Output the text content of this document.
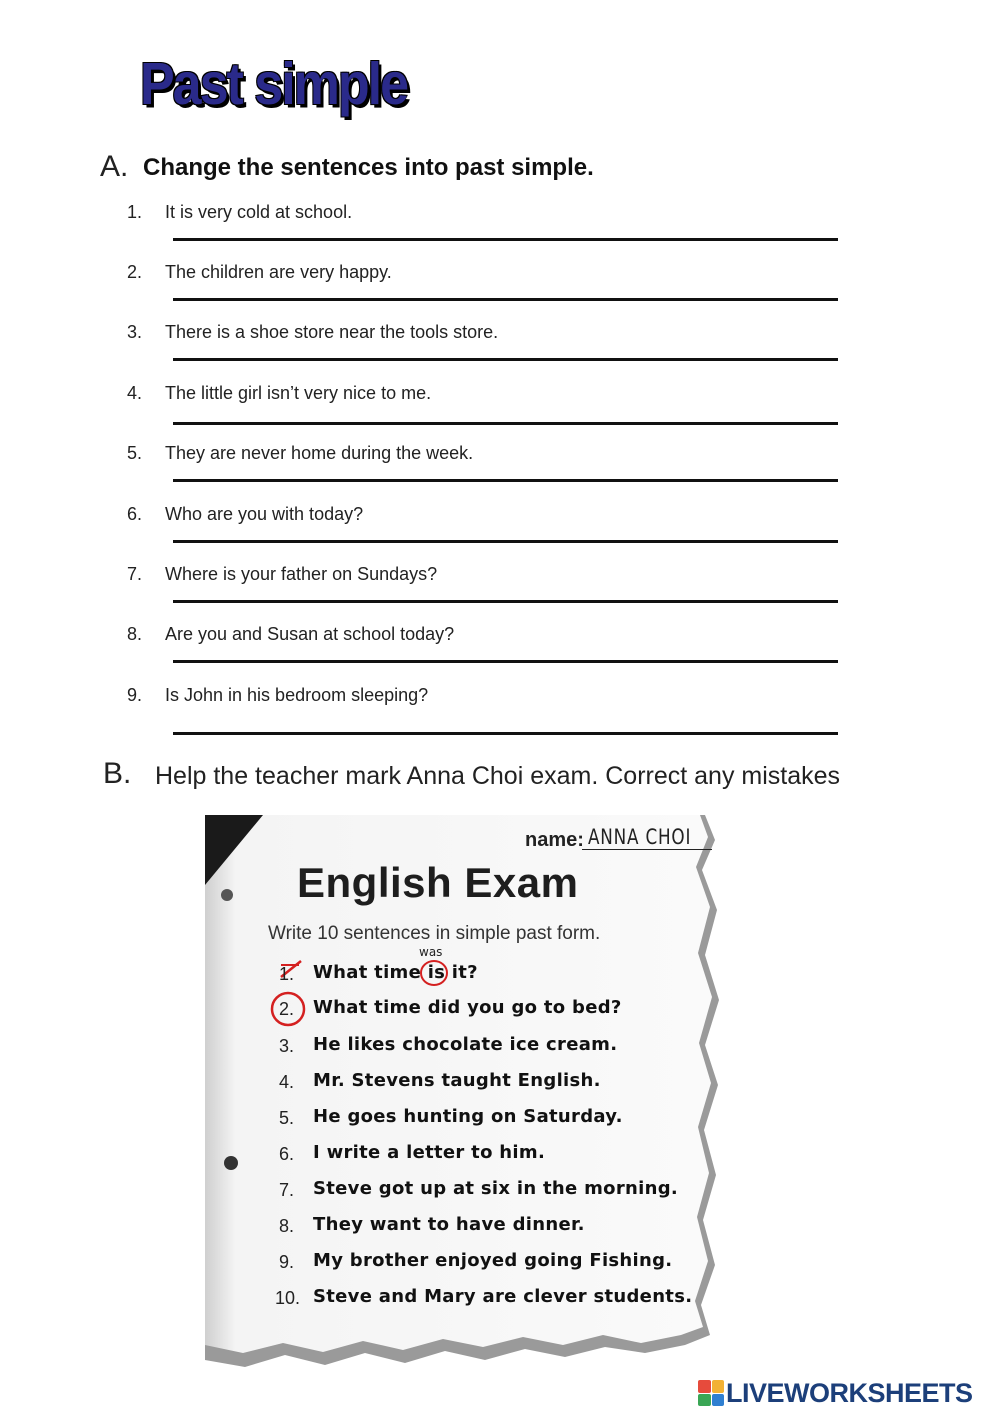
Past simple
A. Change the sentences into past simple.
1. It is very cold at school.
2. The children are very happy.
3. There is a shoe store near the tools store.
4. The little girl isn’t very nice to me.
5. They are never home during the week.
6. Who are you with today?
7. Where is your father on Sundays?
8. Are you and Susan at school today?
9. Is John in his bedroom sleeping?
B. Help the teacher mark Anna Choi exam. Correct any mistakes
name: ANNA CHOI
English Exam
Write 10 sentences in simple past form.
was
1. What time is it?
2. What time did you go to bed?
3. He likes chocolate ice cream.
4. Mr. Stevens taught English.
5. He goes hunting on Saturday.
6. I write a letter to him.
7. Steve got up at six in the morning.
8. They want to have dinner.
9. My brother enjoyed going Fishing.
10. Steve and Mary are clever students.
LIVEWORKSHEETS
